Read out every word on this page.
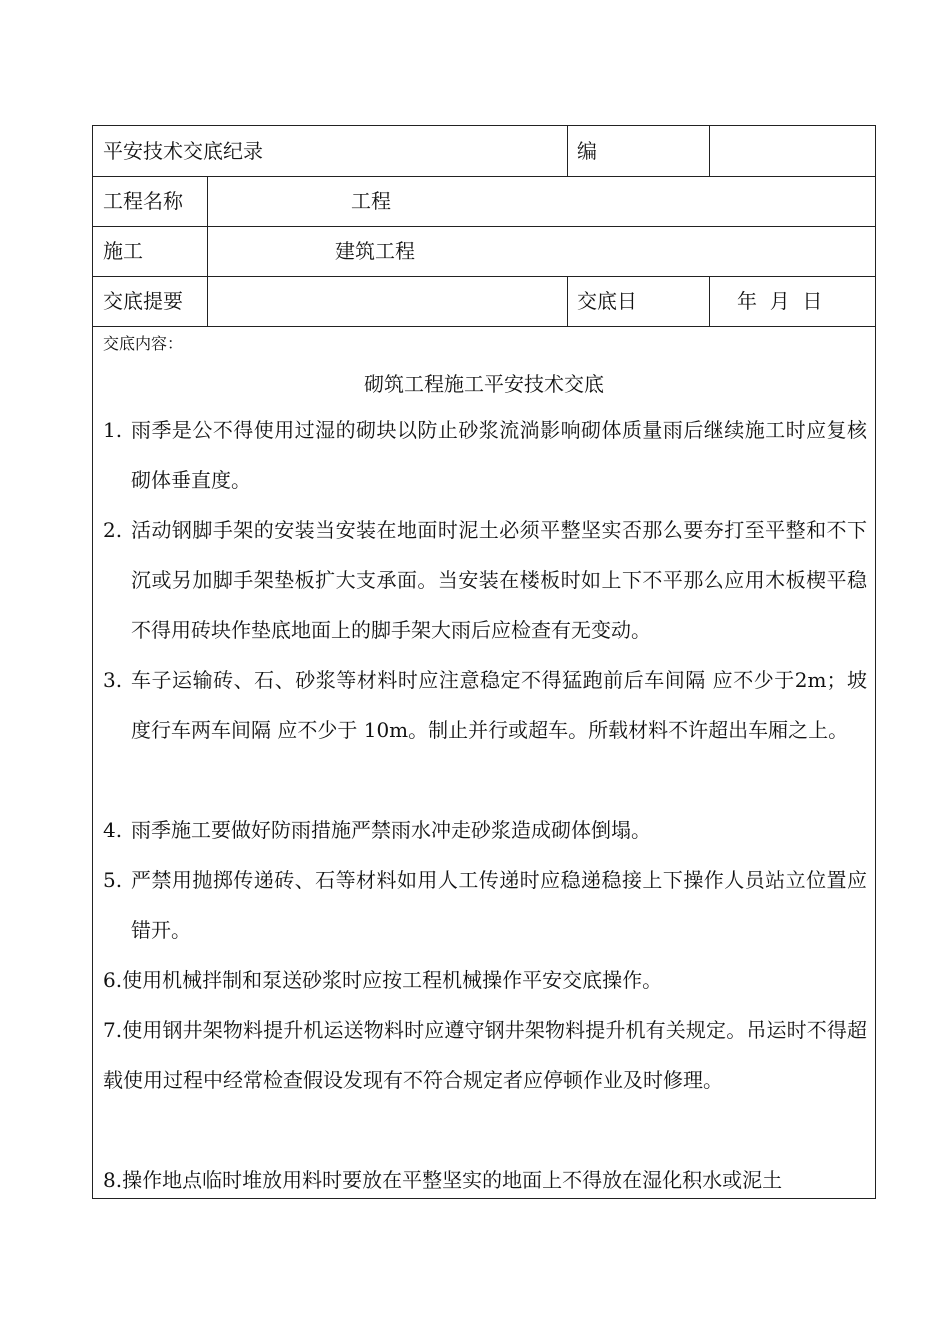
平安技术交底纪录	编
工程名称	工程
施工	建筑工程
交底提要	交底日	年  月  日
交底内容：
砌筑工程施工平安技术交底
1. 雨季是公不得使用过湿的砌块以防止砂浆流淌影响砌体质量雨后继续施工时应复核砌体垂直度。
2. 活动钢脚手架的安装当安装在地面时泥土必须平整坚实否那么要夯打至平整和不下沉或另加脚手架垫板扩大支承面。当安装在楼板时如上下不平那么应用木板楔平稳不得用砖块作垫底地面上的脚手架大雨后应检查有无变动。
3. 车子运输砖、石、砂浆等材料时应注意稳定不得猛跑前后车间隔 应不少于2m；坡度行车两车间隔 应不少于 10m。制止并行或超车。所载材料不许超出车厢之上。
4. 雨季施工要做好防雨措施严禁雨水冲走砂浆造成砌体倒塌。
5. 严禁用抛掷传递砖、石等材料如用人工传递时应稳递稳接上下操作人员站立位置应错开。
6.使用机械拌制和泵送砂浆时应按工程机械操作平安交底操作。
7.使用钢井架物料提升机运送物料时应遵守钢井架物料提升机有关规定。吊运时不得超载使用过程中经常检查假设发现有不符合规定者应停顿作业及时修理。
8.操作地点临时堆放用料时要放在平整坚实的地面上不得放在湿化积水或泥土
